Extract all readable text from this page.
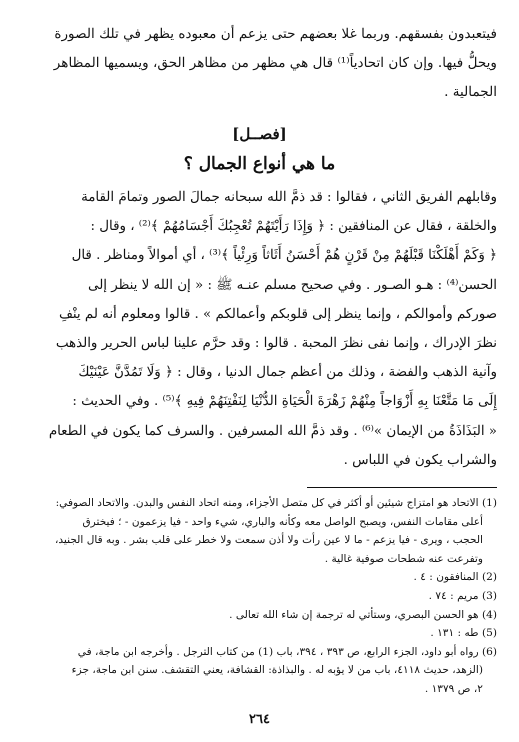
فيتعبدون بفسقهم. وربما غلا بعضهم حتى يزعم أن معبوده يظهر في تلك الصورة

ويحلُّ فيها. وإن كان اتحادياً⁽¹⁾ قال هي مظهر من مظاهر الحق، ويسميها المظاهر

الجمالية .

[فصــل]
ما هي أنواع الجمال ؟

وقابلهم الفريق الثاني ، فقالوا : قد ذمَّ الله سبحانه جمالَ الصور وتمامَ القامة

والخلقة ، فقال عن المنافقين : ﴿ وَإِذَا رَأَيْتَهُمْ تُعْجِبُكَ أَجْسَامُهُمْ ﴾⁽²⁾ ، وقال :

﴿ وَكَمْ أَهْلَكْنَا قَبْلَهُمْ مِنْ قَرْنٍ هُمْ أَحْسَنُ أَثَاثاً وَرِئْياً ﴾⁽³⁾ ، أي أموالاً ومناظر . قال

الحسن⁽⁴⁾ : هـو الصـور . وفي صحيح مسلم عنـه ﷺ : « إن الله لا ينظر إلى

صوركم وأموالكم ، وإنما ينظر إلى قلوبكم وأعمالكم » . قالوا ومعلوم أنه لم ينْفِ

نظرَ الإدراك ، وإنما نفى نظرَ المحبة . قالوا : وقد حرَّم علينا لباس الحرير والذهب

وآنية الذهب والفضة ، وذلك من أعظم جمال الدنيا ، وقال : ﴿ وَلَا تَمُدَّنَّ عَيْنَيْكَ

إِلَى مَا مَتَّعْنَا بِهِ أَزْوَاجاً مِنْهُمْ زَهْرَةَ الْحَيَاةِ الدُّنْيَا لِنَفْتِنَهُمْ فِيهِ ﴾⁽⁵⁾ . وفي الحديث :

« البَذَاذَةُ من الإيمان »⁽⁶⁾ . وقد ذمَّ الله المسرفين . والسرف كما يكون في الطعام

والشراب يكون في اللباس .

(1) الاتحاد هو امتزاج شيئين أو أكثر في كل متصل الأجزاء، ومنه اتحاد النفس والبدن. والاتحاد الصوفي:

أعلى مقامات النفس، ويصبح الواصل معه وكأنه والباري، شيء واحد - فيا يزعمون - ؛ فيخترق

الحجب ، ويرى - فيا يزعم - ما لا عين رأت ولا أذن سمعت ولا خطر على قلب بشر . وبه قال الجنيد،

وتفرعت عنه شطحات صوفية غالية .

(2) المنافقون : ٤ .

(3) مريم : ٧٤ .

(4) هو الحسن البصري، وستأتي له ترجمة إن شاء الله تعالى .

(5) طه : ١٣١ .

(6) رواه أبو داود، الجزء الرابع، ص ٣٩٣ ، ٣٩٤، باب (1) من كتاب الترجل . وأخرجه ابن ماجة، في

(الزهد، حديث ٤١١٨، باب من لا يؤبه له . والبذاذة: القشافة، يعني التقشف. سنن ابن ماجة، جزء

٢، ص ١٣٧٩ .

٢٦٤
